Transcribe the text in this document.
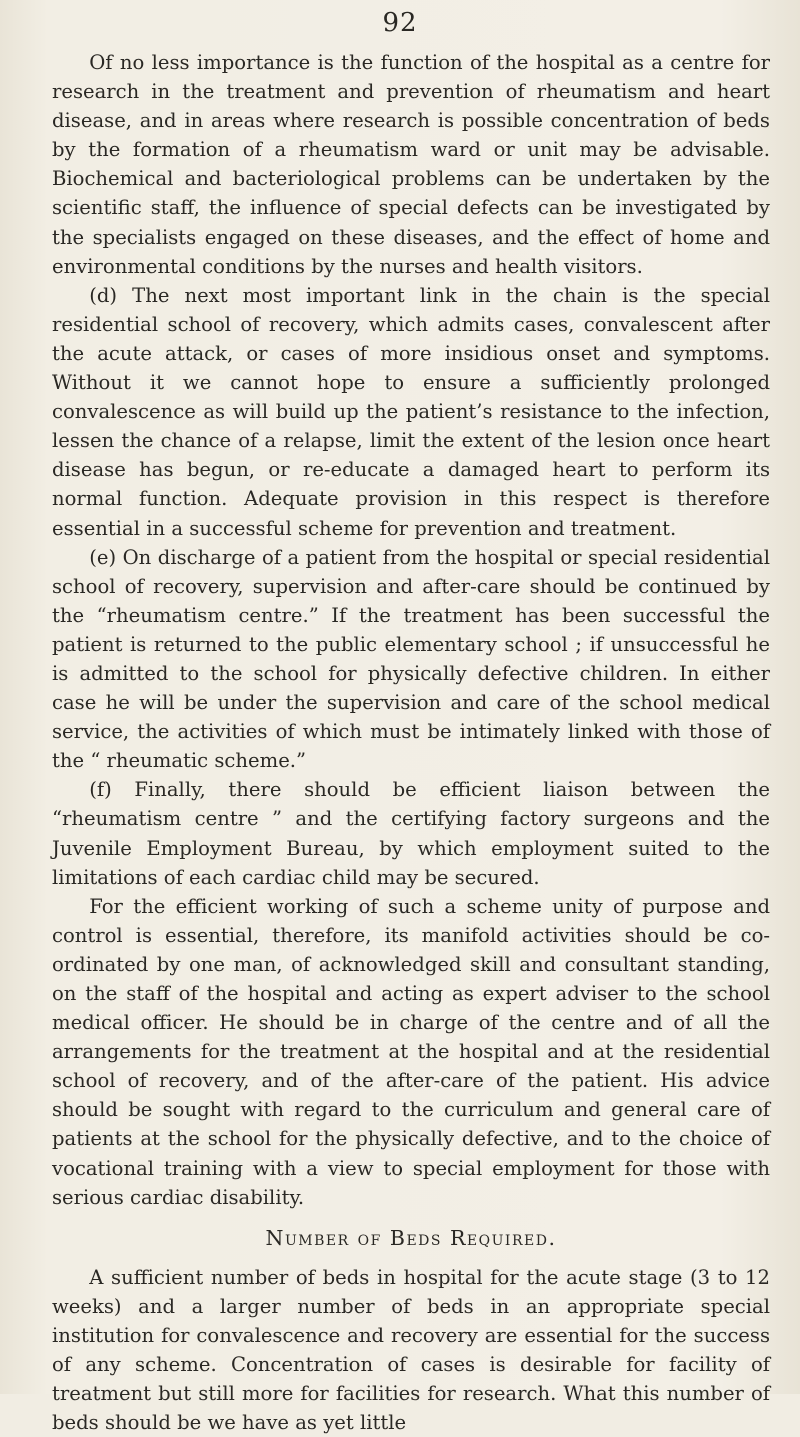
92

Of no less importance is the function of the hospital as a centre for research in the treatment and prevention of rheumatism and heart disease, and in areas where research is possible concentration of beds by the formation of a rheumatism ward or unit may be advisable. Biochemical and bacteriological problems can be undertaken by the scientific staff, the influence of special defects can be investigated by the specialists engaged on these diseases, and the effect of home and environmental conditions by the nurses and health visitors.

(d) The next most important link in the chain is the special residential school of recovery, which admits cases, convalescent after the acute attack, or cases of more insidious onset and symptoms. Without it we cannot hope to ensure a sufficiently prolonged convalescence as will build up the patient’s resistance to the infection, lessen the chance of a relapse, limit the extent of the lesion once heart disease has begun, or re-educate a damaged heart to perform its normal function. Adequate provision in this respect is therefore essential in a successful scheme for prevention and treatment.

(e) On discharge of a patient from the hospital or special residential school of recovery, supervision and after-care should be continued by the “rheumatism centre.” If the treatment has been successful the patient is returned to the public elementary school ; if unsuccessful he is admitted to the school for physically defective children. In either case he will be under the supervision and care of the school medical service, the activities of which must be intimately linked with those of the “ rheumatic scheme.”

(f) Finally, there should be efficient liaison between the “rheumatism centre ” and the certifying factory surgeons and the Juvenile Employment Bureau, by which employment suited to the limitations of each cardiac child may be secured.

For the efficient working of such a scheme unity of purpose and control is essential, therefore, its manifold activities should be co-ordinated by one man, of acknowledged skill and consultant standing, on the staff of the hospital and acting as expert adviser to the school medical officer. He should be in charge of the centre and of all the arrangements for the treatment at the hospital and at the residential school of recovery, and of the after-care of the patient. His advice should be sought with regard to the curriculum and general care of patients at the school for the physically defective, and to the choice of vocational training with a view to special employment for those with serious cardiac disability.

Number of Beds Required.

A sufficient number of beds in hospital for the acute stage (3 to 12 weeks) and a larger number of beds in an appropriate special institution for convalescence and recovery are essential for the success of any scheme. Concentration of cases is desirable for facility of treatment but still more for facilities for research. What this number of beds should be we have as yet little
